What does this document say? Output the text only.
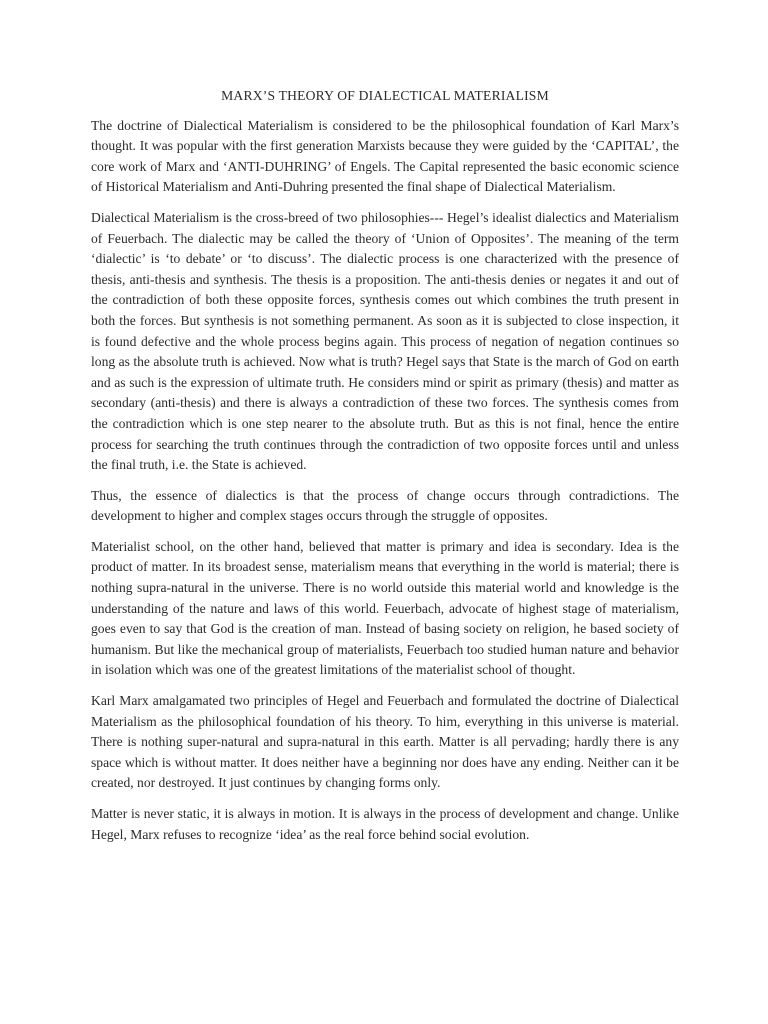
MARX’S THEORY OF DIALECTICAL MATERIALISM

The doctrine of Dialectical Materialism is considered to be the philosophical foundation of Karl Marx’s thought. It was popular with the first generation Marxists because they were guided by the ‘CAPITAL’, the core work of Marx and ‘ANTI-DUHRING’ of Engels. The Capital represented the basic economic science of Historical Materialism and Anti-Duhring presented the final shape of Dialectical Materialism.

Dialectical Materialism is the cross-breed of two philosophies--- Hegel’s idealist dialectics and Materialism of Feuerbach. The dialectic may be called the theory of ‘Union of Opposites’. The meaning of the term ‘dialectic’ is ‘to debate’ or ‘to discuss’. The dialectic process is one characterized with the presence of thesis, anti-thesis and synthesis. The thesis is a proposition. The anti-thesis denies or negates it and out of the contradiction of both these opposite forces, synthesis comes out which combines the truth present in both the forces. But synthesis is not something permanent. As soon as it is subjected to close inspection, it is found defective and the whole process begins again. This process of negation of negation continues so long as the absolute truth is achieved. Now what is truth? Hegel says that State is the march of God on earth and as such is the expression of ultimate truth. He considers mind or spirit as primary (thesis) and matter as secondary (anti-thesis) and there is always a contradiction of these two forces. The synthesis comes from the contradiction which is one step nearer to the absolute truth. But as this is not final, hence the entire process for searching the truth continues through the contradiction of two opposite forces until and unless the final truth, i.e. the State is achieved.

Thus, the essence of dialectics is that the process of change occurs through contradictions. The development to higher and complex stages occurs through the struggle of opposites.

Materialist school, on the other hand, believed that matter is primary and idea is secondary. Idea is the product of matter. In its broadest sense, materialism means that everything in the world is material; there is nothing supra-natural in the universe. There is no world outside this material world and knowledge is the understanding of the nature and laws of this world. Feuerbach, advocate of highest stage of materialism, goes even to say that God is the creation of man. Instead of basing society on religion, he based society of humanism. But like the mechanical group of materialists, Feuerbach too studied human nature and behavior in isolation which was one of the greatest limitations of the materialist school of thought.

Karl Marx amalgamated two principles of Hegel and Feuerbach and formulated the doctrine of Dialectical Materialism as the philosophical foundation of his theory. To him, everything in this universe is material. There is nothing super-natural and supra-natural in this earth. Matter is all pervading; hardly there is any space which is without matter. It does neither have a beginning nor does have any ending. Neither can it be created, nor destroyed. It just continues by changing forms only.

Matter is never static, it is always in motion. It is always in the process of development and change. Unlike Hegel, Marx refuses to recognize ‘idea’ as the real force behind social evolution.
